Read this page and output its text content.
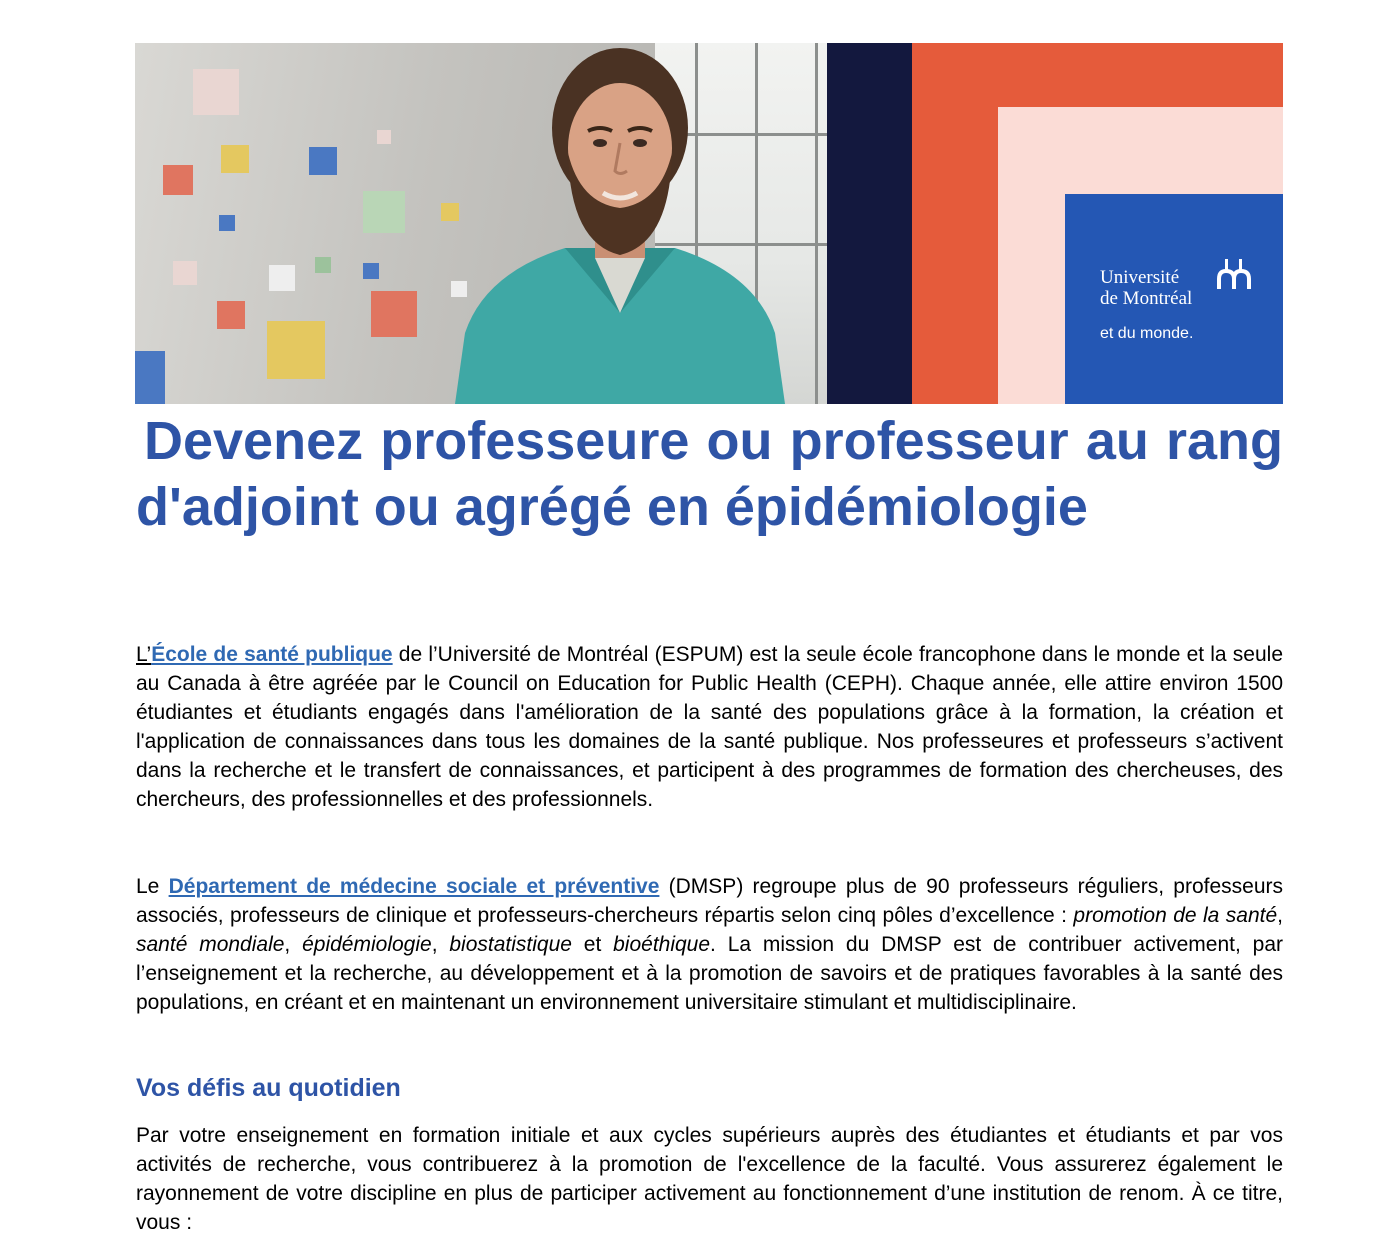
Université
de Montréal
et du monde.
Devenez professeure ou professeur au rang d'adjoint ou agrégé en épidémiologie

L’École de santé publique de l’Université de Montréal (ESPUM) est la seule école francophone dans le monde et la seule au Canada à être agréée par le Council on Education for Public Health (CEPH). Chaque année, elle attire environ 1500 étudiantes et étudiants engagés dans l'amélioration de la santé des populations grâce à la formation, la création et l'application de connaissances dans tous les domaines de la santé publique. Nos professeures et professeurs s’activent dans la recherche et le transfert de connaissances, et participent à des programmes de formation des chercheuses, des chercheurs, des professionnelles et des professionnels.

Le Département de médecine sociale et préventive (DMSP) regroupe plus de 90 professeurs réguliers, professeurs associés, professeurs de clinique et professeurs-chercheurs répartis selon cinq pôles d’excellence : promotion de la santé, santé mondiale, épidémiologie, biostatistique et bioéthique. La mission du DMSP est de contribuer activement, par l’enseignement et la recherche, au développement et à la promotion de savoirs et de pratiques favorables à la santé des populations, en créant et en maintenant un environnement universitaire stimulant et multidisciplinaire.

Vos défis au quotidien

Par votre enseignement en formation initiale et aux cycles supérieurs auprès des étudiantes et étudiants et par vos activités de recherche, vous contribuerez à la promotion de l'excellence de la faculté. Vous assurerez également le rayonnement de votre discipline en plus de participer activement au fonctionnement d’une institution de renom. À ce titre, vous :
